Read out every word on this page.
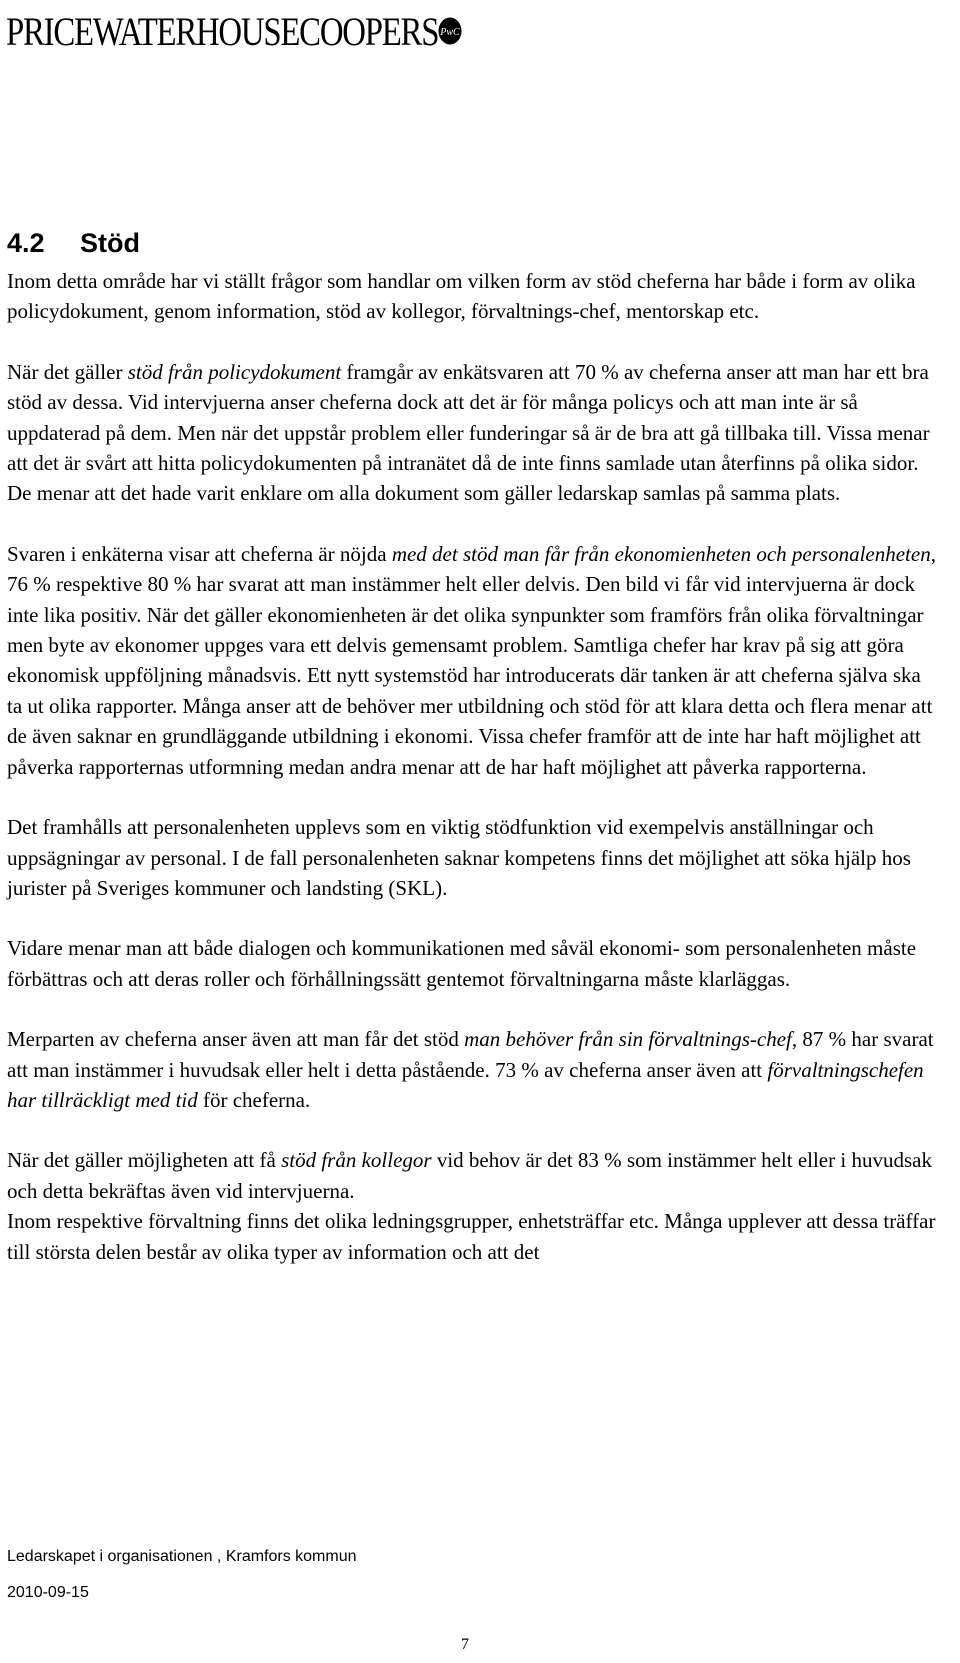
PRICEWATERHOUSECOOPERS PwC
4.2	Stöd

Inom detta område har vi ställt frågor som handlar om vilken form av stöd cheferna har både i form av olika policydokument, genom information, stöd av kollegor, förvaltnings-chef, mentorskap etc.

När det gäller stöd från policydokument framgår av enkätsvaren att 70 % av cheferna anser att man har ett bra stöd av dessa. Vid intervjuerna anser cheferna dock att det är för många policys och att man inte är så uppdaterad på dem. Men när det uppstår problem eller funderingar så är de bra att gå tillbaka till. Vissa menar att det är svårt att hitta policydokumenten på intranätet då de inte finns samlade utan återfinns på olika sidor. De menar att det hade varit enklare om alla dokument som gäller ledarskap samlas på samma plats.

Svaren i enkäterna visar att cheferna är nöjda med det stöd man får från ekonomienheten och personalenheten, 76 % respektive 80 % har svarat att man instämmer helt eller delvis. Den bild vi får vid intervjuerna är dock inte lika positiv. När det gäller ekonomienheten är det olika synpunkter som framförs från olika förvaltningar men byte av ekonomer uppges vara ett delvis gemensamt problem. Samtliga chefer har krav på sig att göra ekonomisk uppföljning månadsvis. Ett nytt systemstöd har introducerats där tanken är att cheferna själva ska ta ut olika rapporter. Många anser att de behöver mer utbildning och stöd för att klara detta och flera menar att de även saknar en grundläggande utbildning i ekonomi. Vissa chefer framför att de inte har haft möjlighet att påverka rapporternas utformning medan andra menar att de har haft möjlighet att påverka rapporterna.

Det framhålls att personalenheten upplevs som en viktig stödfunktion vid exempelvis anställningar och uppsägningar av personal. I de fall personalenheten saknar kompetens finns det möjlighet att söka hjälp hos jurister på Sveriges kommuner och landsting (SKL).

Vidare menar man att både dialogen och kommunikationen med såväl ekonomi- som personalenheten måste förbättras och att deras roller och förhållningssätt gentemot förvaltningarna måste klarläggas.

Merparten av cheferna anser även att man får det stöd man behöver från sin förvaltnings-chef, 87 % har svarat att man instämmer i huvudsak eller helt i detta påstående. 73 % av cheferna anser även att förvaltningschefen har tillräckligt med tid för cheferna.

När det gäller möjligheten att få stöd från kollegor vid behov är det 83 % som instämmer helt eller i huvudsak och detta bekräftas även vid intervjuerna.

Inom respektive förvaltning finns det olika ledningsgrupper, enhetsträffar etc. Många upplever att dessa träffar till största delen består av olika typer av information och att det

Ledarskapet i organisationen , Kramfors kommun
2010-09-15
7
